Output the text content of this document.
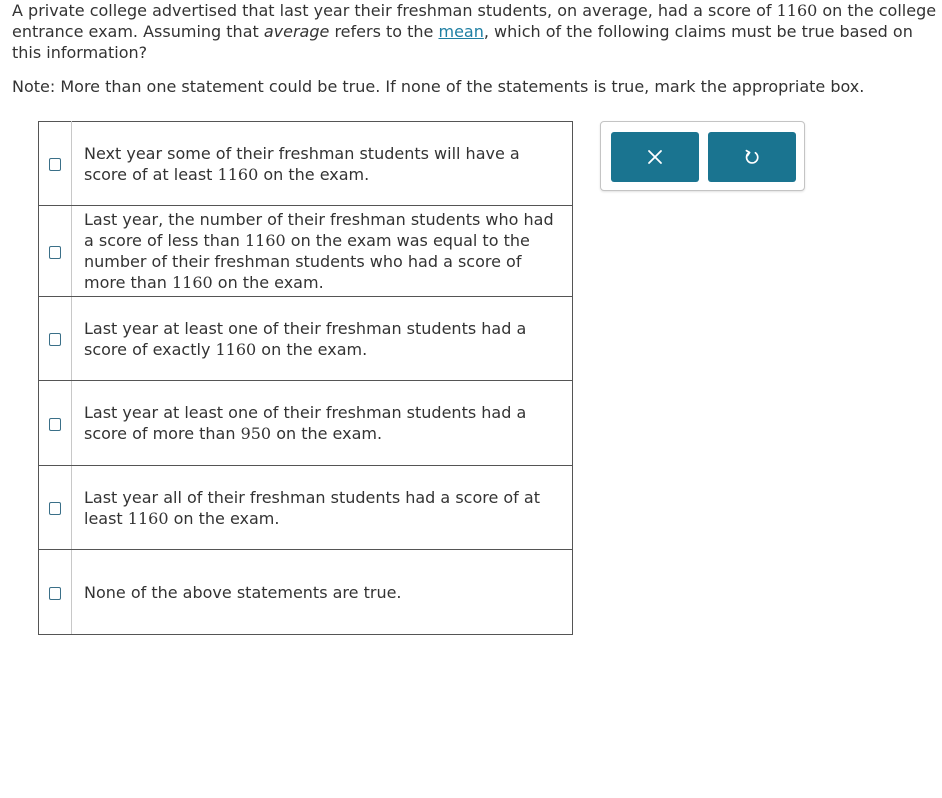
A private college advertised that last year their freshman students, on average, had a score of 1160 on the college entrance exam. Assuming that average refers to the mean, which of the following claims must be true based on this information?

Note: More than one statement could be true. If none of the statements is true, mark the appropriate box.

	Next year some of their freshman students will have a score of at least 1160 on the exam.
	Last year, the number of their freshman students who had a score of less than 1160 on the exam was equal to the number of their freshman students who had a score of more than 1160 on the exam.
	Last year at least one of their freshman students had a score of exactly 1160 on the exam.
	Last year at least one of their freshman students had a score of more than 950 on the exam.
	Last year all of their freshman students had a score of at least 1160 on the exam.
	None of the above statements are true.
